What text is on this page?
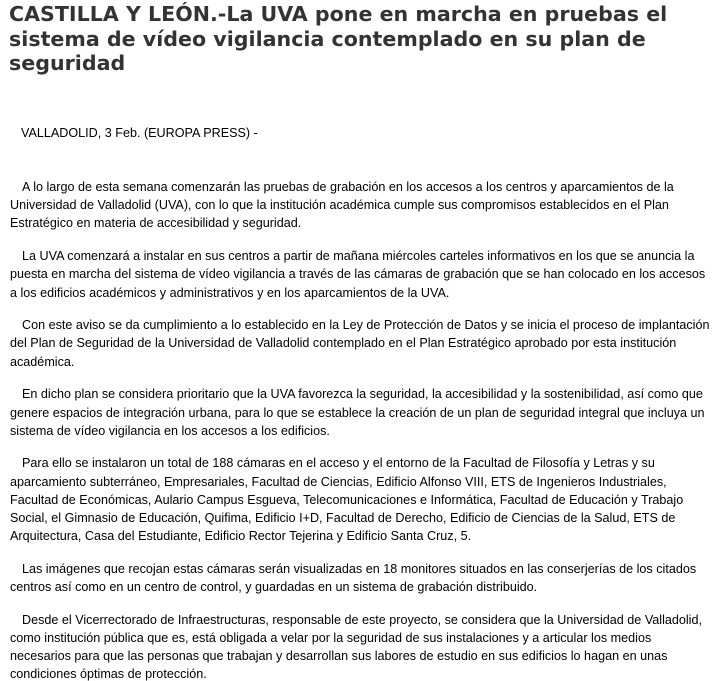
CASTILLA Y LEÓN.-La UVA pone en marcha en pruebas el sistema de vídeo vigilancia contemplado en su plan de seguridad
VALLADOLID, 3 Feb. (EUROPA PRESS) -

A lo largo de esta semana comenzarán las pruebas de grabación en los accesos a los centros y aparcamientos de la Universidad de Valladolid (UVA), con lo que la institución académica cumple sus compromisos establecidos en el Plan Estratégico en materia de accesibilidad y seguridad.

La UVA comenzará a instalar en sus centros a partir de mañana miércoles carteles informativos en los que se anuncia la puesta en marcha del sistema de vídeo vigilancia a través de las cámaras de grabación que se han colocado en los accesos a los edificios académicos y administrativos y en los aparcamientos de la UVA.

Con este aviso se da cumplimiento a lo establecido en la Ley de Protección de Datos y se inicia el proceso de implantación del Plan de Seguridad de la Universidad de Valladolid contemplado en el Plan Estratégico aprobado por esta institución académica.

En dicho plan se considera prioritario que la UVA favorezca la seguridad, la accesibilidad y la sostenibilidad, así como que genere espacios de integración urbana, para lo que se establece la creación de un plan de seguridad integral que incluya un sistema de vídeo vigilancia en los accesos a los edificios.

Para ello se instalaron un total de 188 cámaras en el acceso y el entorno de la Facultad de Filosofía y Letras y su aparcamiento subterráneo, Empresariales, Facultad de Ciencias, Edificio Alfonso VIII, ETS de Ingenieros Industriales, Facultad de Económicas, Aulario Campus Esgueva, Telecomunicaciones e Informática, Facultad de Educación y Trabajo Social, el Gimnasio de Educación, Quifima, Edificio I+D, Facultad de Derecho, Edificio de Ciencias de la Salud, ETS de Arquitectura, Casa del Estudiante, Edificio Rector Tejerina y Edificio Santa Cruz, 5.

Las imágenes que recojan estas cámaras serán visualizadas en 18 monitores situados en las conserjerías de los citados centros así como en un centro de control, y guardadas en un sistema de grabación distribuido.

Desde el Vicerrectorado de Infraestructuras, responsable de este proyecto, se considera que la Universidad de Valladolid, como institución pública que es, está obligada a velar por la seguridad de sus instalaciones y a articular los medios necesarios para que las personas que trabajan y desarrollan sus labores de estudio en sus edificios lo hagan en unas condiciones óptimas de protección.
